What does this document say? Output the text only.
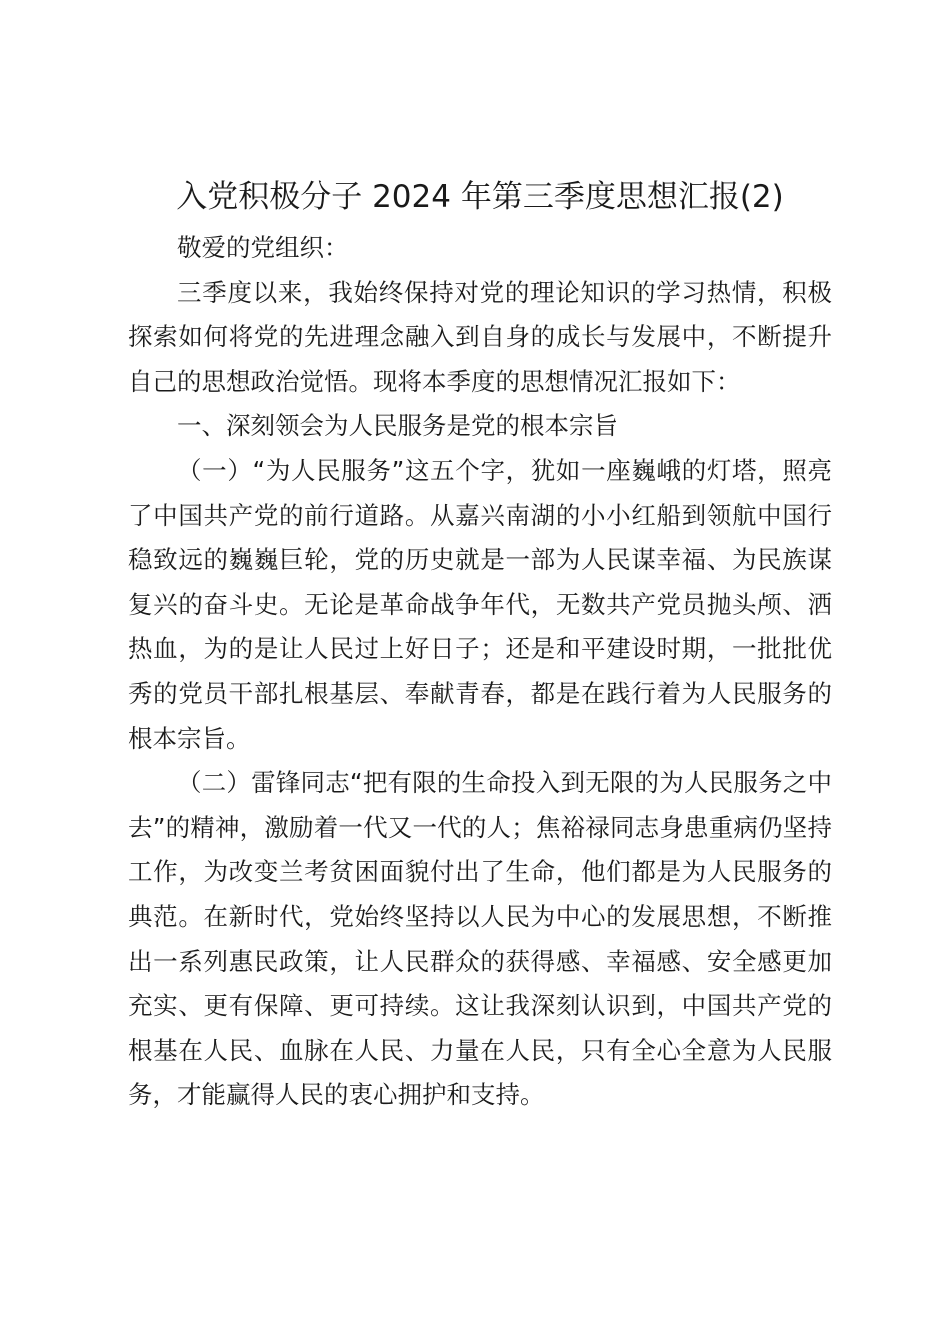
入党积极分子 2024 年第三季度思想汇报(2)

敬爱的党组织：

三季度以来，我始终保持对党的理论知识的学习热情，积极探索如何将党的先进理念融入到自身的成长与发展中，不断提升自己的思想政治觉悟。现将本季度的思想情况汇报如下：

一、深刻领会为人民服务是党的根本宗旨

（一）“为人民服务”这五个字，犹如一座巍峨的灯塔，照亮了中国共产党的前行道路。从嘉兴南湖的小小红船到领航中国行稳致远的巍巍巨轮，党的历史就是一部为人民谋幸福、为民族谋复兴的奋斗史。无论是革命战争年代，无数共产党员抛头颅、洒热血，为的是让人民过上好日子；还是和平建设时期，一批批优秀的党员干部扎根基层、奉献青春，都是在践行着为人民服务的根本宗旨。

（二）雷锋同志“把有限的生命投入到无限的为人民服务之中去”的精神，激励着一代又一代的人；焦裕禄同志身患重病仍坚持工作，为改变兰考贫困面貌付出了生命，他们都是为人民服务的典范。在新时代，党始终坚持以人民为中心的发展思想，不断推出一系列惠民政策，让人民群众的获得感、幸福感、安全感更加充实、更有保障、更可持续。这让我深刻认识到，中国共产党的根基在人民、血脉在人民、力量在人民，只有全心全意为人民服务，才能赢得人民的衷心拥护和支持。
